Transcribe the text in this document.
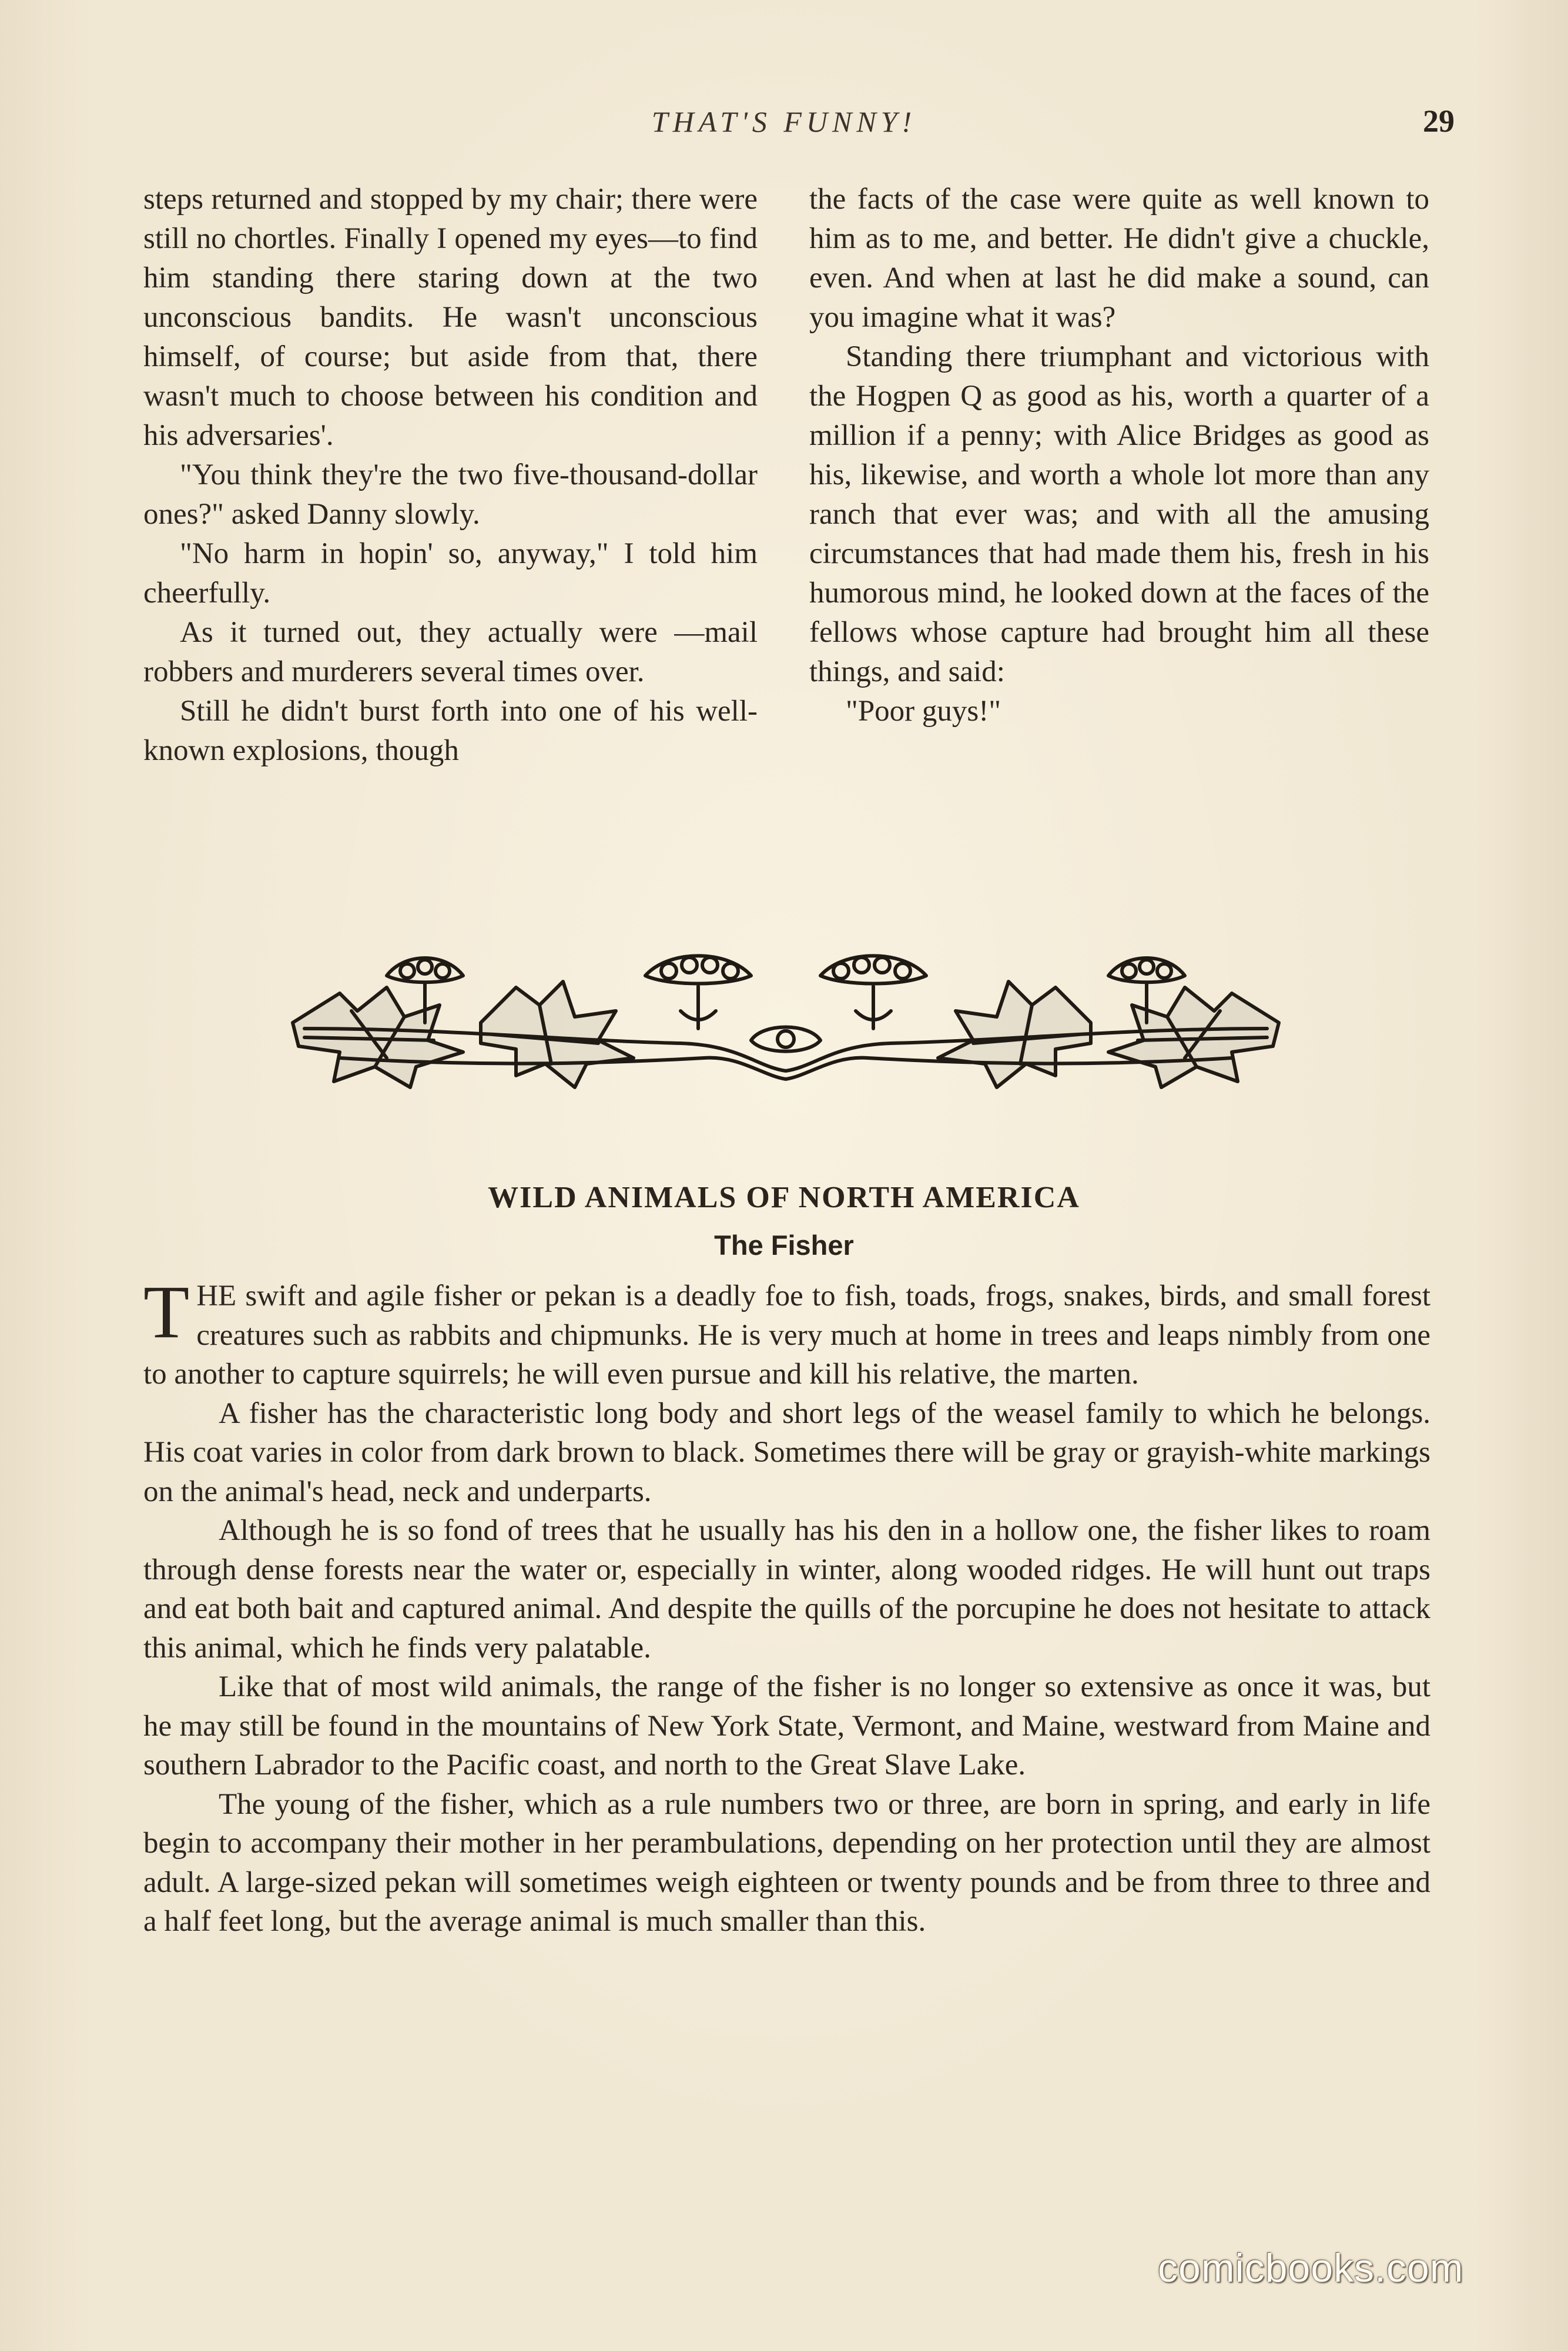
THAT'S FUNNY!	29

steps returned and stopped by my chair; there were still no chortles. Finally I opened my eyes—to find him standing there staring down at the two unconscious bandits. He wasn't unconscious himself, of course; but aside from that, there wasn't much to choose between his condition and his adversaries'.

"You think they're the two five-thousand-dollar ones?" asked Danny slowly.

"No harm in hopin' so, anyway," I told him cheerfully.

As it turned out, they actually were —mail robbers and murderers several times over.

Still he didn't burst forth into one of his well-known explosions, though

the facts of the case were quite as well known to him as to me, and better. He didn't give a chuckle, even. And when at last he did make a sound, can you imagine what it was?

Standing there triumphant and victorious with the Hogpen Q as good as his, worth a quarter of a million if a penny; with Alice Bridges as good as his, likewise, and worth a whole lot more than any ranch that ever was; and with all the amusing circumstances that had made them his, fresh in his humorous mind, he looked down at the faces of the fellows whose capture had brought him all these things, and said:

"Poor guys!"

WILD ANIMALS OF NORTH AMERICA
The Fisher

THE swift and agile fisher or pekan is a deadly foe to fish, toads, frogs, snakes, birds, and small forest creatures such as rabbits and chipmunks. He is very much at home in trees and leaps nimbly from one to another to capture squirrels; he will even pursue and kill his relative, the marten.

A fisher has the characteristic long body and short legs of the weasel family to which he belongs. His coat varies in color from dark brown to black. Sometimes there will be gray or grayish-white markings on the animal's head, neck and underparts.

Although he is so fond of trees that he usually has his den in a hollow one, the fisher likes to roam through dense forests near the water or, especially in winter, along wooded ridges. He will hunt out traps and eat both bait and captured animal. And despite the quills of the porcupine he does not hesitate to attack this animal, which he finds very palatable.

Like that of most wild animals, the range of the fisher is no longer so extensive as once it was, but he may still be found in the mountains of New York State, Vermont, and Maine, westward from Maine and southern Labrador to the Pacific coast, and north to the Great Slave Lake.

The young of the fisher, which as a rule numbers two or three, are born in spring, and early in life begin to accompany their mother in her perambulations, depending on her protection until they are almost adult. A large-sized pekan will sometimes weigh eighteen or twenty pounds and be from three to three and a half feet long, but the average animal is much smaller than this.

comicbooks.com
